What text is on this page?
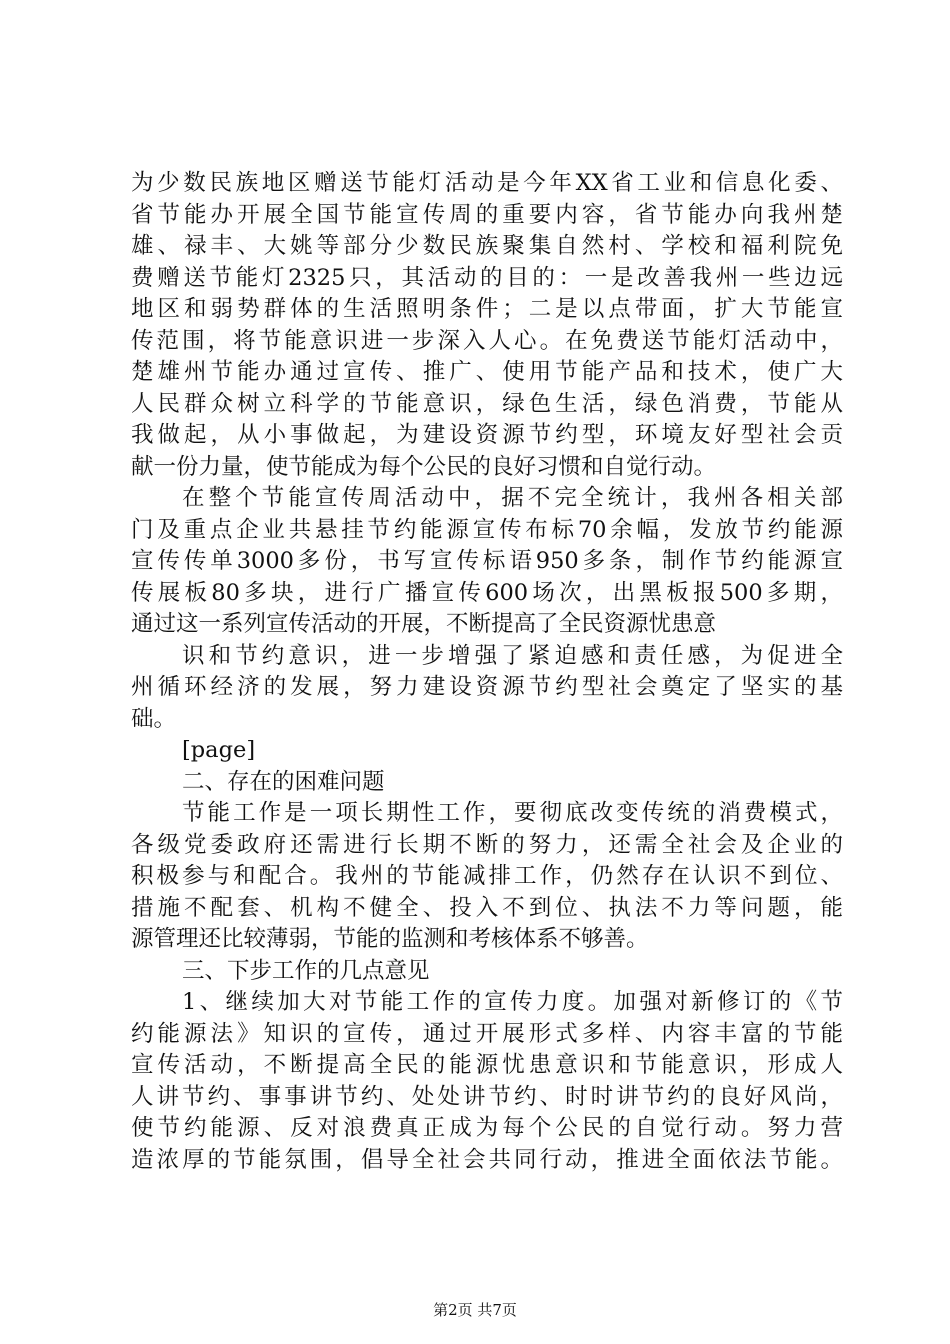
为少数民族地区赠送节能灯活动是今年XX省工业和信息化委、
省节能办开展全国节能宣传周的重要内容，省节能办向我州楚
雄、禄丰、大姚等部分少数民族聚集自然村、学校和福利院免
费赠送节能灯2325只，其活动的目的：一是改善我州一些边远
地区和弱势群体的生活照明条件；二是以点带面，扩大节能宣
传范围，将节能意识进一步深入人心。在免费送节能灯活动中，
楚雄州节能办通过宣传、推广、使用节能产品和技术，使广大
人民群众树立科学的节能意识，绿色生活，绿色消费，节能从
我做起，从小事做起，为建设资源节约型，环境友好型社会贡
献一份力量，使节能成为每个公民的良好习惯和自觉行动。
在整个节能宣传周活动中，据不完全统计，我州各相关部
门及重点企业共悬挂节约能源宣传布标70余幅，发放节约能源
宣传传单3000多份，书写宣传标语950多条，制作节约能源宣
传展板80多块，进行广播宣传600场次，出黑板报500多期，
通过这一系列宣传活动的开展，不断提高了全民资源忧患意
识和节约意识，进一步增强了紧迫感和责任感，为促进全
州循环经济的发展，努力建设资源节约型社会奠定了坚实的基
础。
[page]
二、存在的困难问题
节能工作是一项长期性工作，要彻底改变传统的消费模式，
各级党委政府还需进行长期不断的努力，还需全社会及企业的
积极参与和配合。我州的节能减排工作，仍然存在认识不到位、
措施不配套、机构不健全、投入不到位、执法不力等问题，能
源管理还比较薄弱，节能的监测和考核体系不够善。
三、下步工作的几点意见
1、继续加大对节能工作的宣传力度。加强对新修订的《节
约能源法》知识的宣传，通过开展形式多样、内容丰富的节能
宣传活动，不断提高全民的能源忧患意识和节能意识，形成人
人讲节约、事事讲节约、处处讲节约、时时讲节约的良好风尚，
使节约能源、反对浪费真正成为每个公民的自觉行动。努力营
造浓厚的节能氛围，倡导全社会共同行动，推进全面依法节能。
第2页 共7页
